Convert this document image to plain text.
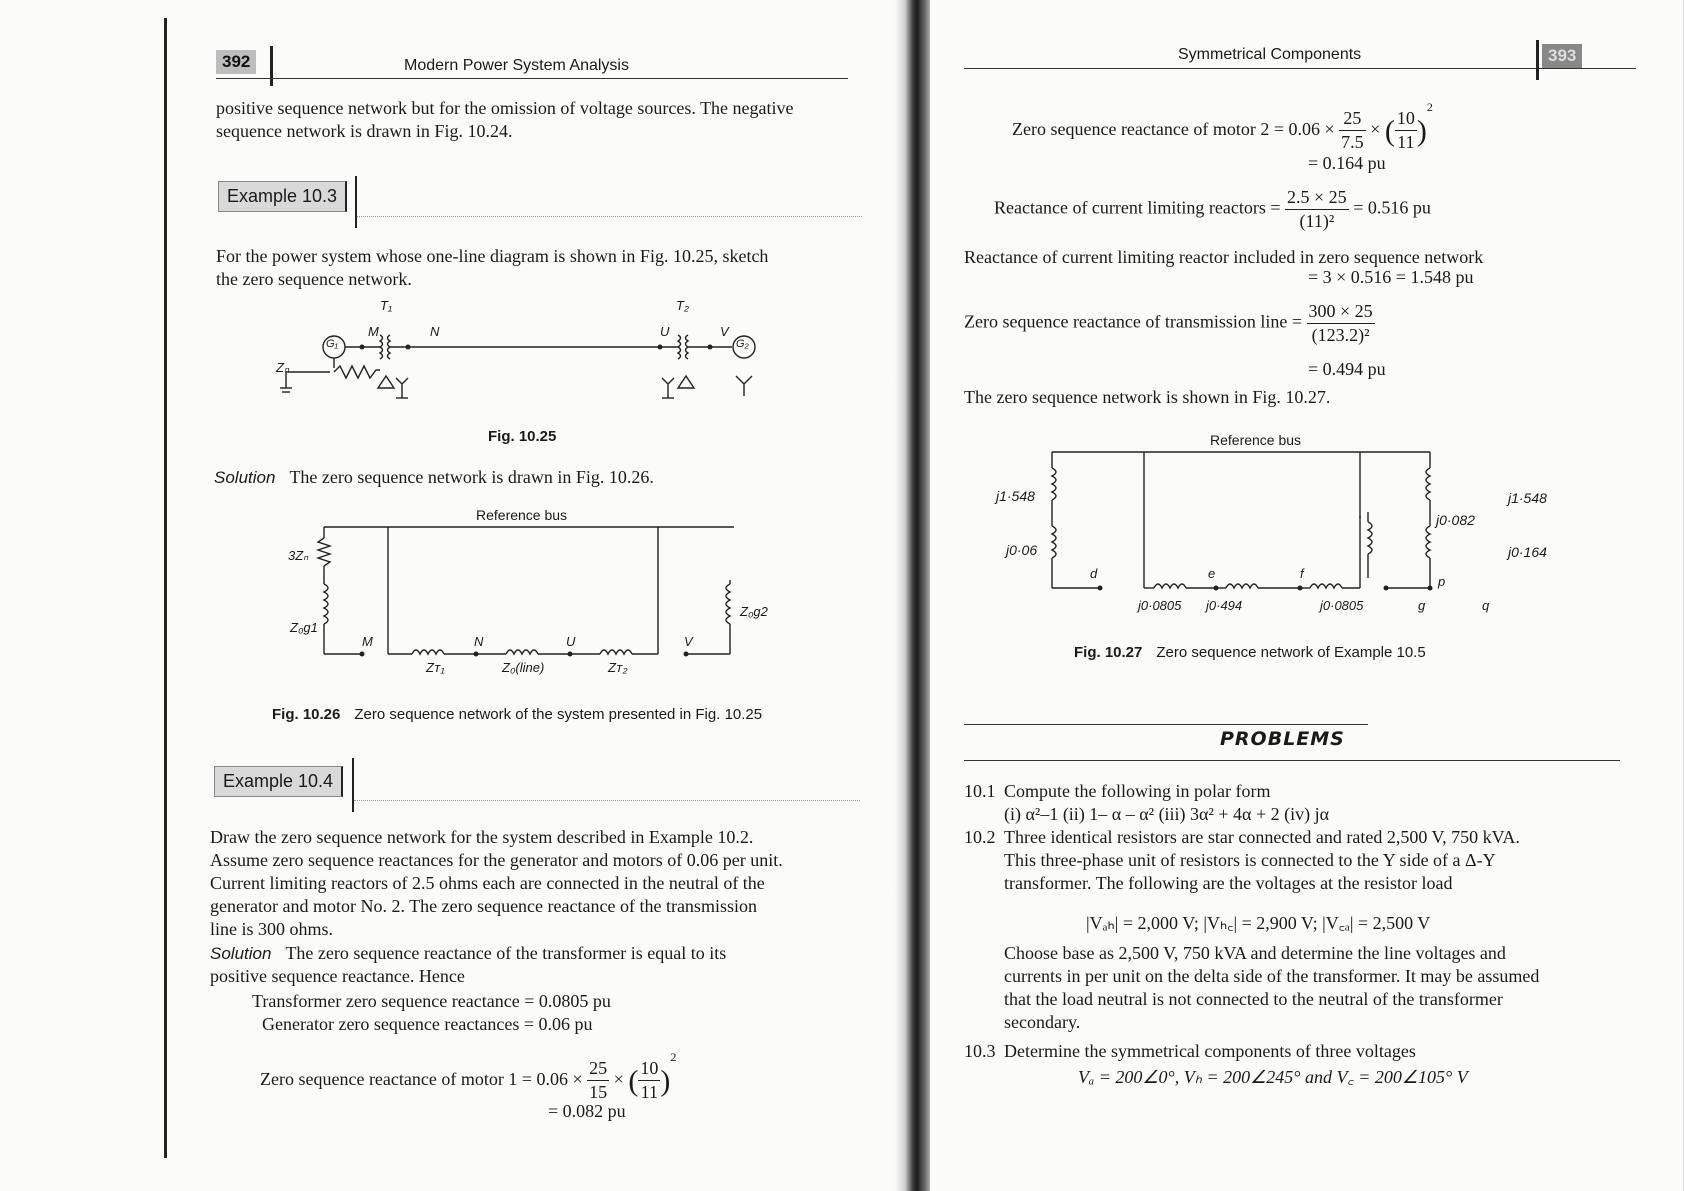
392	Modern Power System Analysis
positive sequence network but for the omission of voltage sources. The negative
sequence network is drawn in Fig. 10.24.
Example 10.3
For the power system whose one-line diagram is shown in Fig. 10.25, sketch
the zero sequence network.
T₁	T₂
M	N	U	V
G₁	G₂
Zₙ
Fig. 10.25
Solution The zero sequence network is drawn in Fig. 10.26.
Reference bus
3Zₙ
Z₀g1
Z₀g2
M	N	U	V
Zᴛ₁	Z₀(line)	Zᴛ₂
Fig. 10.26 Zero sequence network of the system presented in Fig. 10.25
Example 10.4
Draw the zero sequence network for the system described in Example 10.2.
Assume zero sequence reactances for the generator and motors of 0.06 per unit.
Current limiting reactors of 2.5 ohms each are connected in the neutral of the
generator and motor No. 2. The zero sequence reactance of the transmission
line is 300 ohms.
Solution The zero sequence reactance of the transformer is equal to its
positive sequence reactance. Hence
Transformer zero sequence reactance = 0.0805 pu
Generator zero sequence reactances = 0.06 pu
Zero sequence reactance of motor $1 = 0.06 \times \frac{25}{15}$ × ( $\frac{10}{11} )^2$
= 0.082 pu
Symmetrical Components	393
Zero sequence reactance of motor $2 = 0.06 \times \frac{25}{7.5}$ × ( $\frac{10}{11} )^2$
= 0.164 pu
Reactance of current limiting reactors = $\frac{2.5 \times 25}{\text{(11)²}} = 0.516$ pu
Reactance of current limiting reactor included in zero sequence network
= 3 × 0.516 = 1.548 pu
Zero sequence reactance of transmission line = $\frac{300 \times 25}{\text{(123.2)²}}$
= 0.494 pu
The zero sequence network is shown in Fig. 10.27.
Reference bus
j1·548
j0·06
d	e	f
j0·0805 j0·494	j0·0805	g
j0·082
p
j1·548
j0·164
q
Fig. 10.27 Zero sequence network of Example 10.5
PROBLEMS
10.1 Compute the following in polar form
(i) α²–1 (ii) 1– α – α² (iii) 3α² + 4α + 2 (iv) jα
10.2 Three identical resistors are star connected and rated 2,500 V, 750 kVA.
This three-phase unit of resistors is connected to the Y side of a Δ-Y
transformer. The following are the voltages at the resistor load
|Vₐₕ| = 2,000 V; |Vₕ꜀| = 2,900 V; |V꜀ₐ| = 2,500 V
Choose base as 2,500 V, 750 kVA and determine the line voltages and
currents in per unit on the delta side of the transformer. It may be assumed
that the load neutral is not connected to the neutral of the transformer
secondary.
10.3 Determine the symmetrical components of three voltages
Vₐ = 200∠0°, Vₕ = 200∠245° and V꜀ = 200∠105° V
